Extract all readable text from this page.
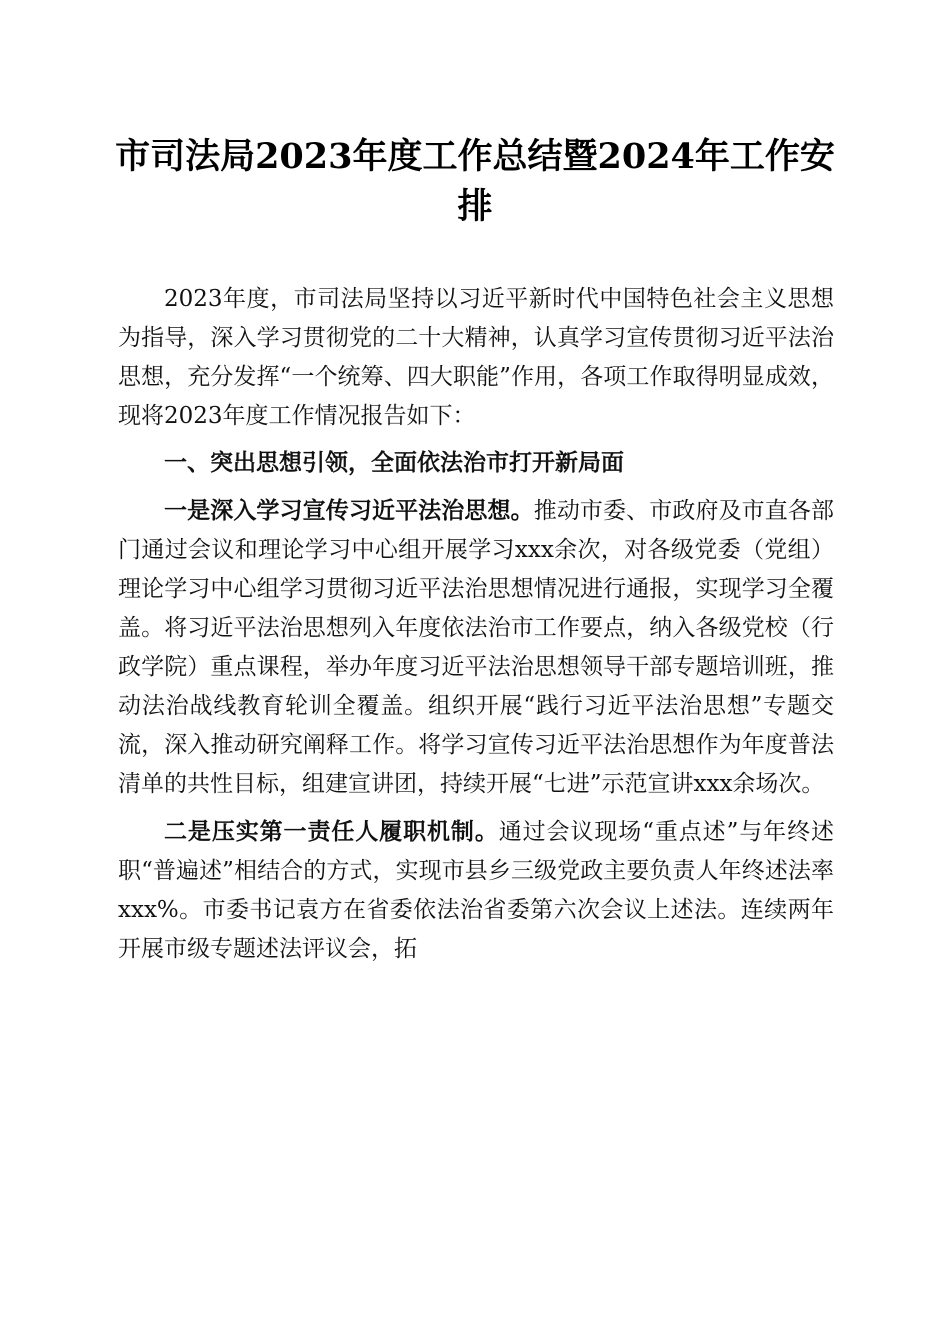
市司法局2023年度工作总结暨2024年工作安排

2023年度，市司法局坚持以习近平新时代中国特色社会主义思想为指导，深入学习贯彻党的二十大精神，认真学习宣传贯彻习近平法治思想，充分发挥“一个统筹、四大职能”作用，各项工作取得明显成效，现将2023年度工作情况报告如下：

一、突出思想引领，全面依法治市打开新局面

一是深入学习宣传习近平法治思想。推动市委、市政府及市直各部门通过会议和理论学习中心组开展学习xxx余次，对各级党委（党组）理论学习中心组学习贯彻习近平法治思想情况进行通报，实现学习全覆盖。将习近平法治思想列入年度依法治市工作要点，纳入各级党校（行政学院）重点课程，举办年度习近平法治思想领导干部专题培训班，推动法治战线教育轮训全覆盖。组织开展“践行习近平法治思想”专题交流，深入推动研究阐释工作。将学习宣传习近平法治思想作为年度普法清单的共性目标，组建宣讲团，持续开展“七进”示范宣讲xxx余场次。

二是压实第一责任人履职机制。通过会议现场“重点述”与年终述职“普遍述”相结合的方式，实现市县乡三级党政主要负责人年终述法率xxx%。市委书记袁方在省委依法治省委第六次会议上述法。连续两年开展市级专题述法评议会，拓
